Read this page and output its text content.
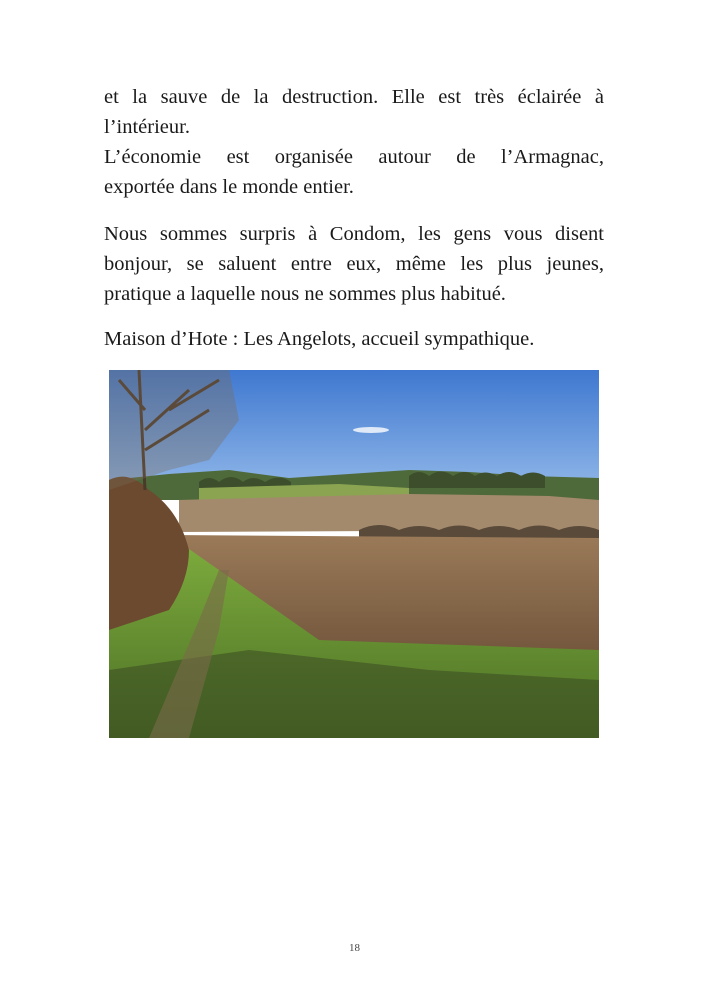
et la sauve de la destruction. Elle est très éclairée à
l’intérieur.
L’économie est organisée autour de l’Armagnac,
exportée dans le monde entier.
Nous sommes surpris à Condom, les gens vous disent
bonjour, se saluent entre eux, même les plus jeunes,
pratique a laquelle nous ne sommes plus habitué.
Maison d’Hote : Les Angelots, accueil sympathique.
18
